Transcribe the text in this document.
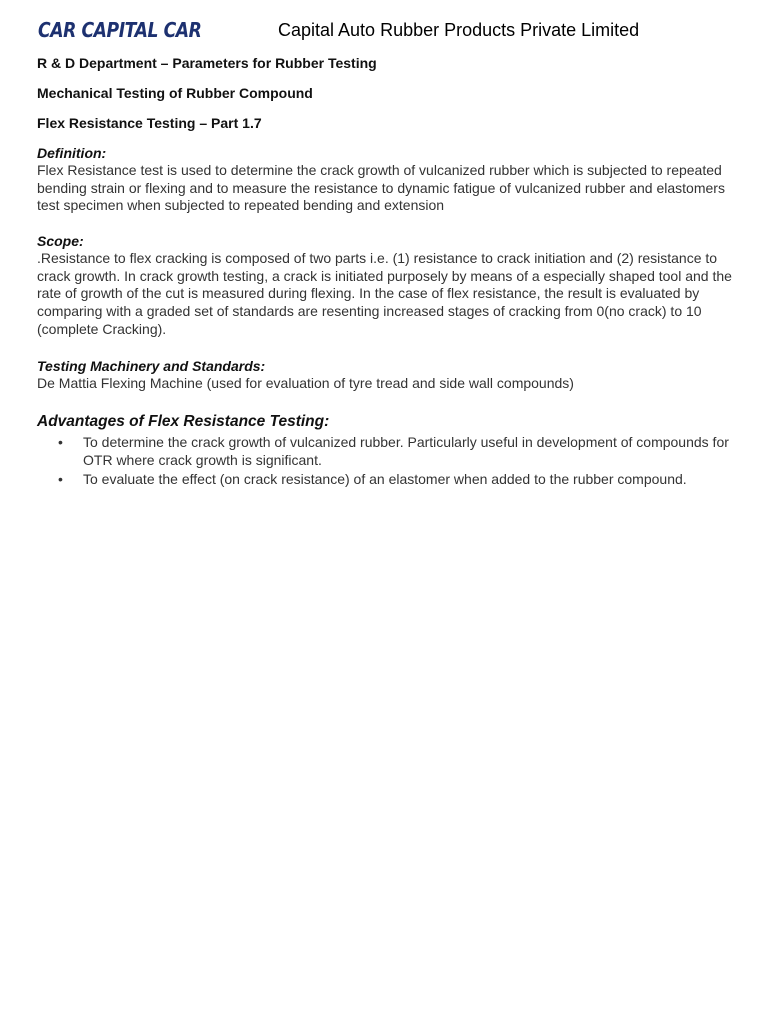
CAR CAPITAL CAR	Capital Auto Rubber Products Private Limited
R & D Department – Parameters for Rubber Testing
Mechanical Testing of Rubber Compound
Flex Resistance Testing – Part 1.7
Definition:
Flex Resistance test is used to determine the crack growth of vulcanized rubber which is subjected to repeated bending strain or flexing and to measure the resistance to dynamic fatigue of vulcanized rubber and elastomers test specimen when subjected to repeated bending and extension
Scope:
.Resistance to flex cracking is composed of two parts i.e. (1) resistance to crack initiation and (2) resistance to crack growth. In crack growth testing, a crack is initiated purposely by means of a especially shaped tool and the rate of growth of the cut is measured during flexing. In the case of flex resistance, the result is evaluated by comparing with a graded set of standards are resenting increased stages of cracking from 0(no crack) to 10 (complete Cracking).
Testing Machinery and Standards:
De Mattia Flexing Machine (used for evaluation of tyre tread and side wall compounds)
Advantages of Flex Resistance Testing:
• To determine the crack growth of vulcanized rubber. Particularly useful in development of compounds for OTR where crack growth is significant.
• To evaluate the effect (on crack resistance) of an elastomer when added to the rubber compound.
